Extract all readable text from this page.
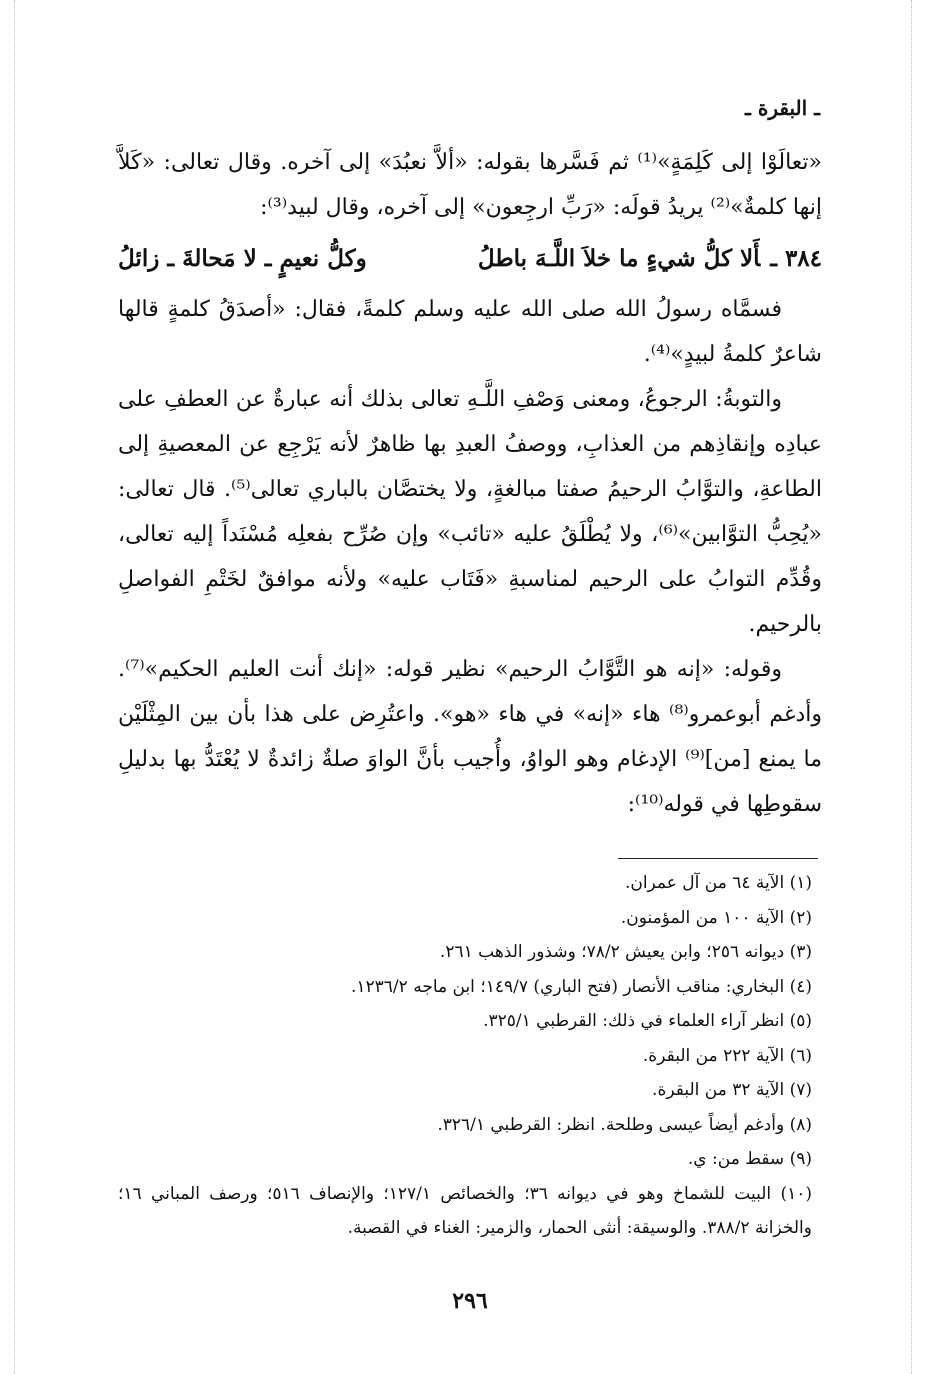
ـ البقرة ـ

«تعالَوْا إلى كَلِمَةٍ»⁽¹⁾ ثم فَسَّرها بقوله: «ألاَّ نعبُدَ» إلى آخره. وقال تعالى: «كَلاَّ إنها كلمةٌ»⁽²⁾ يريدُ قولَه: «رَبِّ ارجِعون» إلى آخره، وقال لبيد⁽³⁾:

٣٨٤ ـأَلا كلُّ شيءٍ ما خلاَ اللَّـهَ باطلُ
وكلُّ نعيمٍ ـ لا مَحالةَ ـ زائلُ

فسمَّاه رسولُ الله صلى الله عليه وسلم كلمةً، فقال: «أصدَقُ كلمةٍ قالها شاعرٌ كلمةُ لبيدٍ»⁽⁴⁾.

والتوبةُ: الرجوعُ، ومعنى وَصْفِ اللَّـهِ تعالى بذلك أنه عبارةٌ عن العطفِ على عبادِه وإنقاذِهم من العذابِ، ووصفُ العبدِ بها ظاهرٌ لأنه يَرْجِع عن المعصيةِ إلى الطاعةِ، والتوَّابُ الرحيمُ صفتا مبالغةٍ، ولا يختصَّان بالباري تعالى⁽⁵⁾. قال تعالى: «يُحِبُّ التوَّابين»⁽⁶⁾، ولا يُطْلَقُ عليه «تائب» وإن صُرِّح بفعلِه مُسْنَداً إليه تعالى، وقُدِّم التوابُ على الرحيم لمناسبةِ «فَتَاب عليه» ولأنه موافقٌ لخَتْمِ الفواصلِ بالرحيم.

وقوله: «إنه هو التَّوَّابُ الرحيم» نظير قوله: «إنك أنت العليم الحكيم»⁽⁷⁾. وأدغم أبوعمرو⁽⁸⁾ هاء «إنه» في هاء «هو». واعتُرِض على هذا بأن بين المِثْلَيْن ما يمنع [من]⁽⁹⁾ الإدغام وهو الواوُ، وأُجيب بأنَّ الواوَ صلةٌ زائدةٌ لا يُعْتَدُّ بها بدليلِ سقوطِها في قوله⁽¹⁰⁾:

(١) الآية ٦٤ من آل عمران.

(٢) الآية ١٠٠ من المؤمنون.

(٣) ديوانه ٢٥٦؛ وابن يعيش ٧٨/٢؛ وشذور الذهب ٢٦١.

(٤) البخاري: مناقب الأنصار (فتح الباري) ١٤٩/٧؛ ابن ماجه ١٢٣٦/٢.

(٥) انظر آراء العلماء في ذلك: القرطبي ٣٢٥/١.

(٦) الآية ٢٢٢ من البقرة.

(٧) الآية ٣٢ من البقرة.

(٨) وأدغم أيضاً عيسى وطلحة. انظر: القرطبي ٣٢٦/١.

(٩) سقط من: ي.

(١٠) البيت للشماخ وهو في ديوانه ٣٦؛ والخصائص ١٢٧/١؛ والإنصاف ٥١٦؛ ورصف المباني ١٦؛ والخزانة ٣٨٨/٢. والوسيقة: أنثى الحمار، والزمير: الغناء في القصبة.

٢٩٦
